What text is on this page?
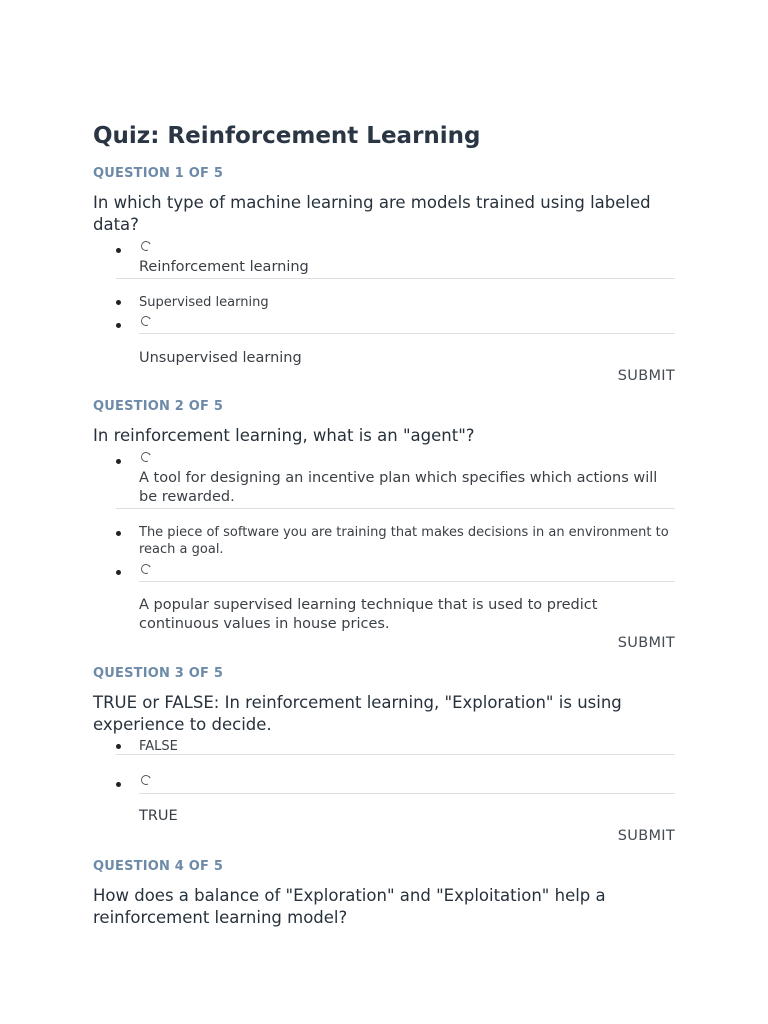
Quiz: Reinforcement Learning
QUESTION 1 OF 5
In which type of machine learning are models trained using labeled data?
Reinforcement learning
Supervised learning
Unsupervised learning
SUBMIT
QUESTION 2 OF 5
In reinforcement learning, what is an "agent"?
A tool for designing an incentive plan which specifies which actions will be rewarded.
The piece of software you are training that makes decisions in an environment to reach a goal.
A popular supervised learning technique that is used to predict continuous values in house prices.
SUBMIT
QUESTION 3 OF 5
TRUE or FALSE: In reinforcement learning, "Exploration" is using experience to decide.
FALSE
TRUE
SUBMIT
QUESTION 4 OF 5
How does a balance of "Exploration" and "Exploitation" help a reinforcement learning model?
